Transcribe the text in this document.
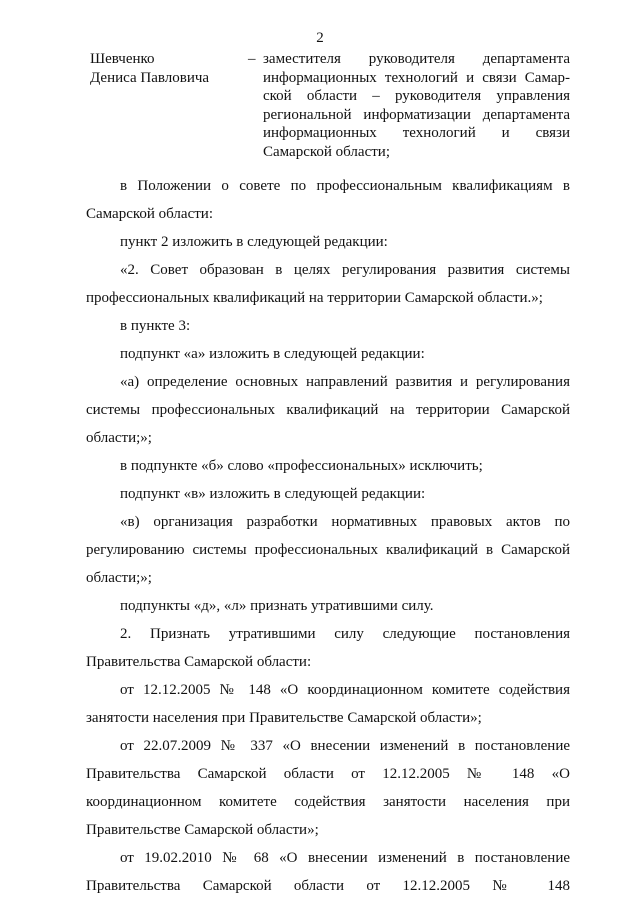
2
Шевченко
Дениса Павловича
– заместителя руководителя департамента информационных технологий и связи Самарской области – руководителя управления региональной информатизации департамента информационных технологий и связи Самарской области;

в Положении о совете по профессиональным квалификациям в Самарской области:

пункт 2 изложить в следующей редакции:

«2. Совет образован в целях регулирования развития системы профессиональных квалификаций на территории Самарской области.»;

в пункте 3:

подпункт «а» изложить в следующей редакции:

«а) определение основных направлений развития и регулирования системы профессиональных квалификаций на территории Самарской области;»;

в подпункте «б» слово «профессиональных» исключить;

подпункт «в» изложить в следующей редакции:

«в) организация разработки нормативных правовых актов по регулированию системы профессиональных квалификаций в Самарской области;»;

подпункты «д», «л» признать утратившими силу.

2. Признать утратившими силу следующие постановления Правительства Самарской области:

от 12.12.2005 № 148 «О координационном комитете содействия занятости населения при Правительстве Самарской области»;

от 22.07.2009 № 337 «О внесении изменений в постановление Правительства Самарской области от 12.12.2005 № 148 «О координационном комитете содействия занятости населения при Правительстве Самарской области»;

от 19.02.2010 № 68 «О внесении изменений в постановление Правительства Самарской области от 12.12.2005 № 148
